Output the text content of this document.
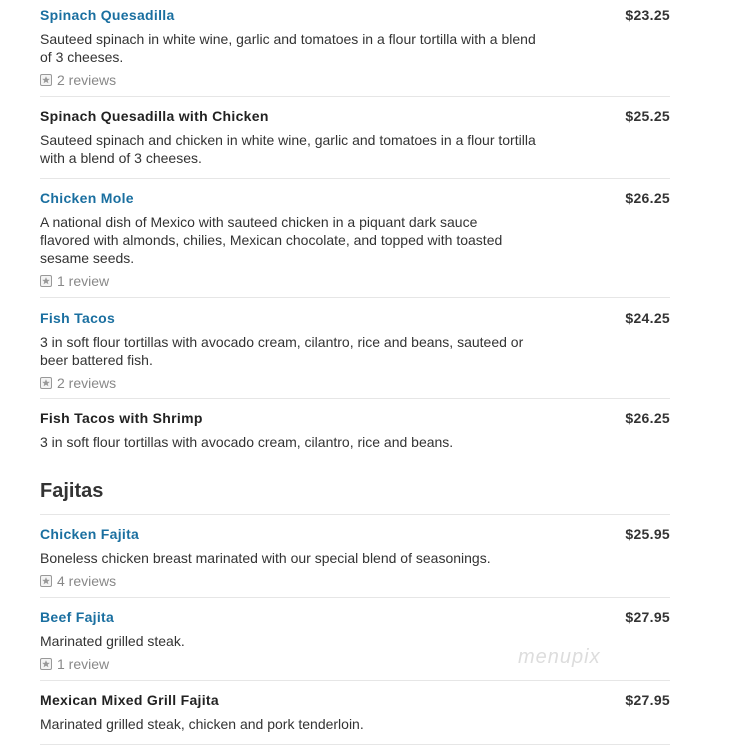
Spinach Quesadilla	$23.25
Sauteed spinach in white wine, garlic and tomatoes in a flour tortilla with a blend of 3 cheeses.
2 reviews
Spinach Quesadilla with Chicken	$25.25
Sauteed spinach and chicken in white wine, garlic and tomatoes in a flour tortilla with a blend of 3 cheeses.
Chicken Mole	$26.25
A national dish of Mexico with sauteed chicken in a piquant dark sauce flavored with almonds, chilies, Mexican chocolate, and topped with toasted sesame seeds.
1 review
Fish Tacos	$24.25
3 in soft flour tortillas with avocado cream, cilantro, rice and beans, sauteed or beer battered fish.
2 reviews
Fish Tacos with Shrimp	$26.25
3 in soft flour tortillas with avocado cream, cilantro, rice and beans.
Fajitas
Chicken Fajita	$25.95
Boneless chicken breast marinated with our special blend of seasonings.
4 reviews
Beef Fajita	$27.95
Marinated grilled steak.
1 review
Mexican Mixed Grill Fajita	$27.95
Marinated grilled steak, chicken and pork tenderloin.
menupix
